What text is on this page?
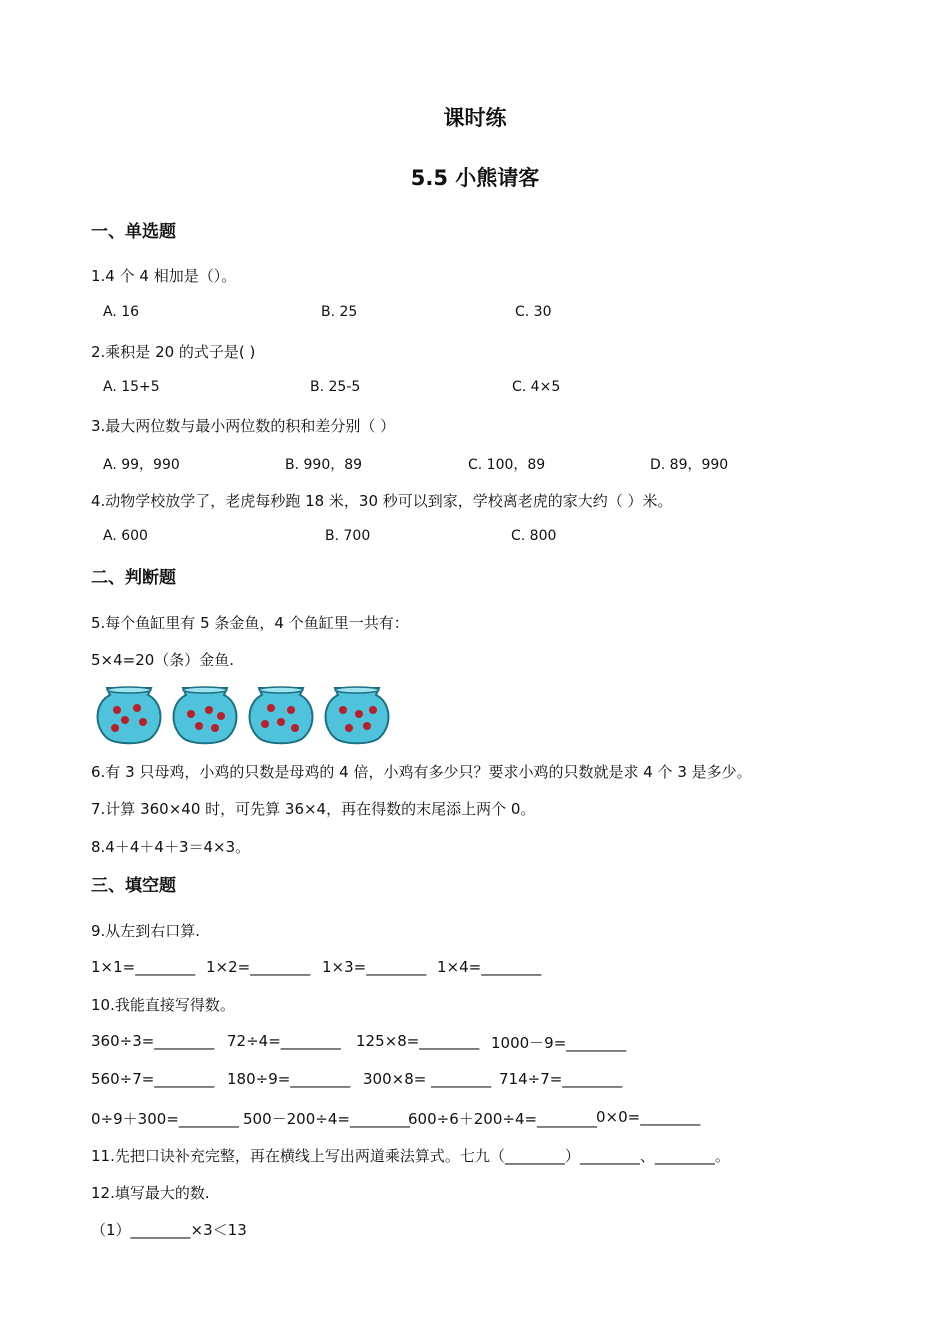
课时练
5.5 小熊请客
一、单选题
1.4 个 4 相加是（）。
A. 16	B. 25	C. 30
2.乘积是 20 的式子是( )
A. 15+5	B. 25-5	C. 4×5
3.最大两位数与最小两位数的积和差分别（ ）
A. 99，990	B. 990，89	C. 100，89	D. 89，990
4.动物学校放学了，老虎每秒跑 18 米，30 秒可以到家，学校离老虎的家大约（ ）米。
A. 600	B. 700	C. 800
二、判断题
5.每个鱼缸里有 5 条金鱼，4 个鱼缸里一共有：
5×4=20（条）金鱼.
6.有 3 只母鸡，小鸡的只数是母鸡的 4 倍，小鸡有多少只？要求小鸡的只数就是求 4 个 3 是多少。
7.计算 360×40 时，可先算 36×4，再在得数的末尾添上两个 0。
8.4＋4＋4＋3＝4×3。
三、填空题
9.从左到右口算.
1×1=________ 1×2=________ 1×3=________ 1×4=________
10.我能直接写得数。
360÷3=________ 72÷4=________ 125×8=________ 1000－9=________
560÷7=________ 180÷9=________ 300×8= ________ 714÷7=________
0÷9＋300=________ 500－200÷4=________
600÷6＋200÷4=________
0×0=________
11.先把口诀补充完整，再在横线上写出两道乘法算式。七九（________）________、________。
12.填写最大的数.
（1）________×3＜13
